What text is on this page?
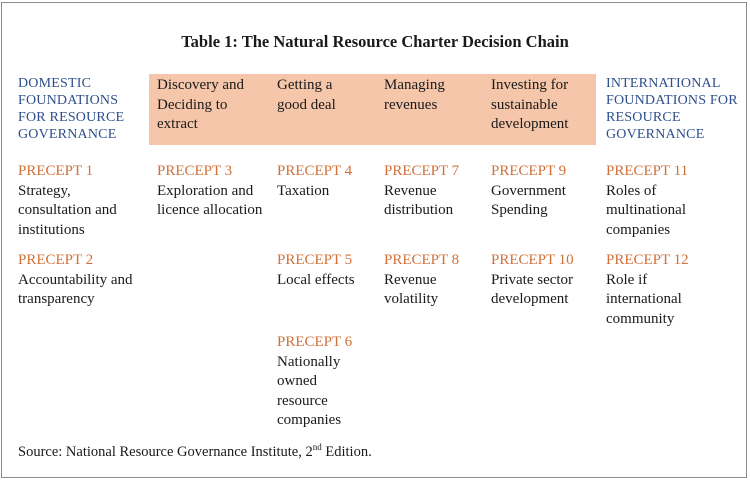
Table 1: The Natural Resource Charter Decision Chain
DOMESTIC FOUNDATIONS FOR RESOURCE GOVERNANCE
Discovery and Deciding to extract
Getting a good deal
Managing revenues
Investing for sustainable development
INTERNATIONAL FOUNDATIONS FOR RESOURCE GOVERNANCE
PRECEPT 1
Strategy, consultation and institutions
PRECEPT 3
Exploration and licence allocation
PRECEPT 4
Taxation
PRECEPT 7
Revenue distribution
PRECEPT 9
Government Spending
PRECEPT 11
Roles of multinational companies
PRECEPT 2
Accountability and transparency
PRECEPT 5
Local effects
PRECEPT 8
Revenue volatility
PRECEPT 10
Private sector development
PRECEPT 12
Role if international community
PRECEPT 6
Nationally owned resource companies
Source: National Resource Governance Institute, 2nd Edition.
